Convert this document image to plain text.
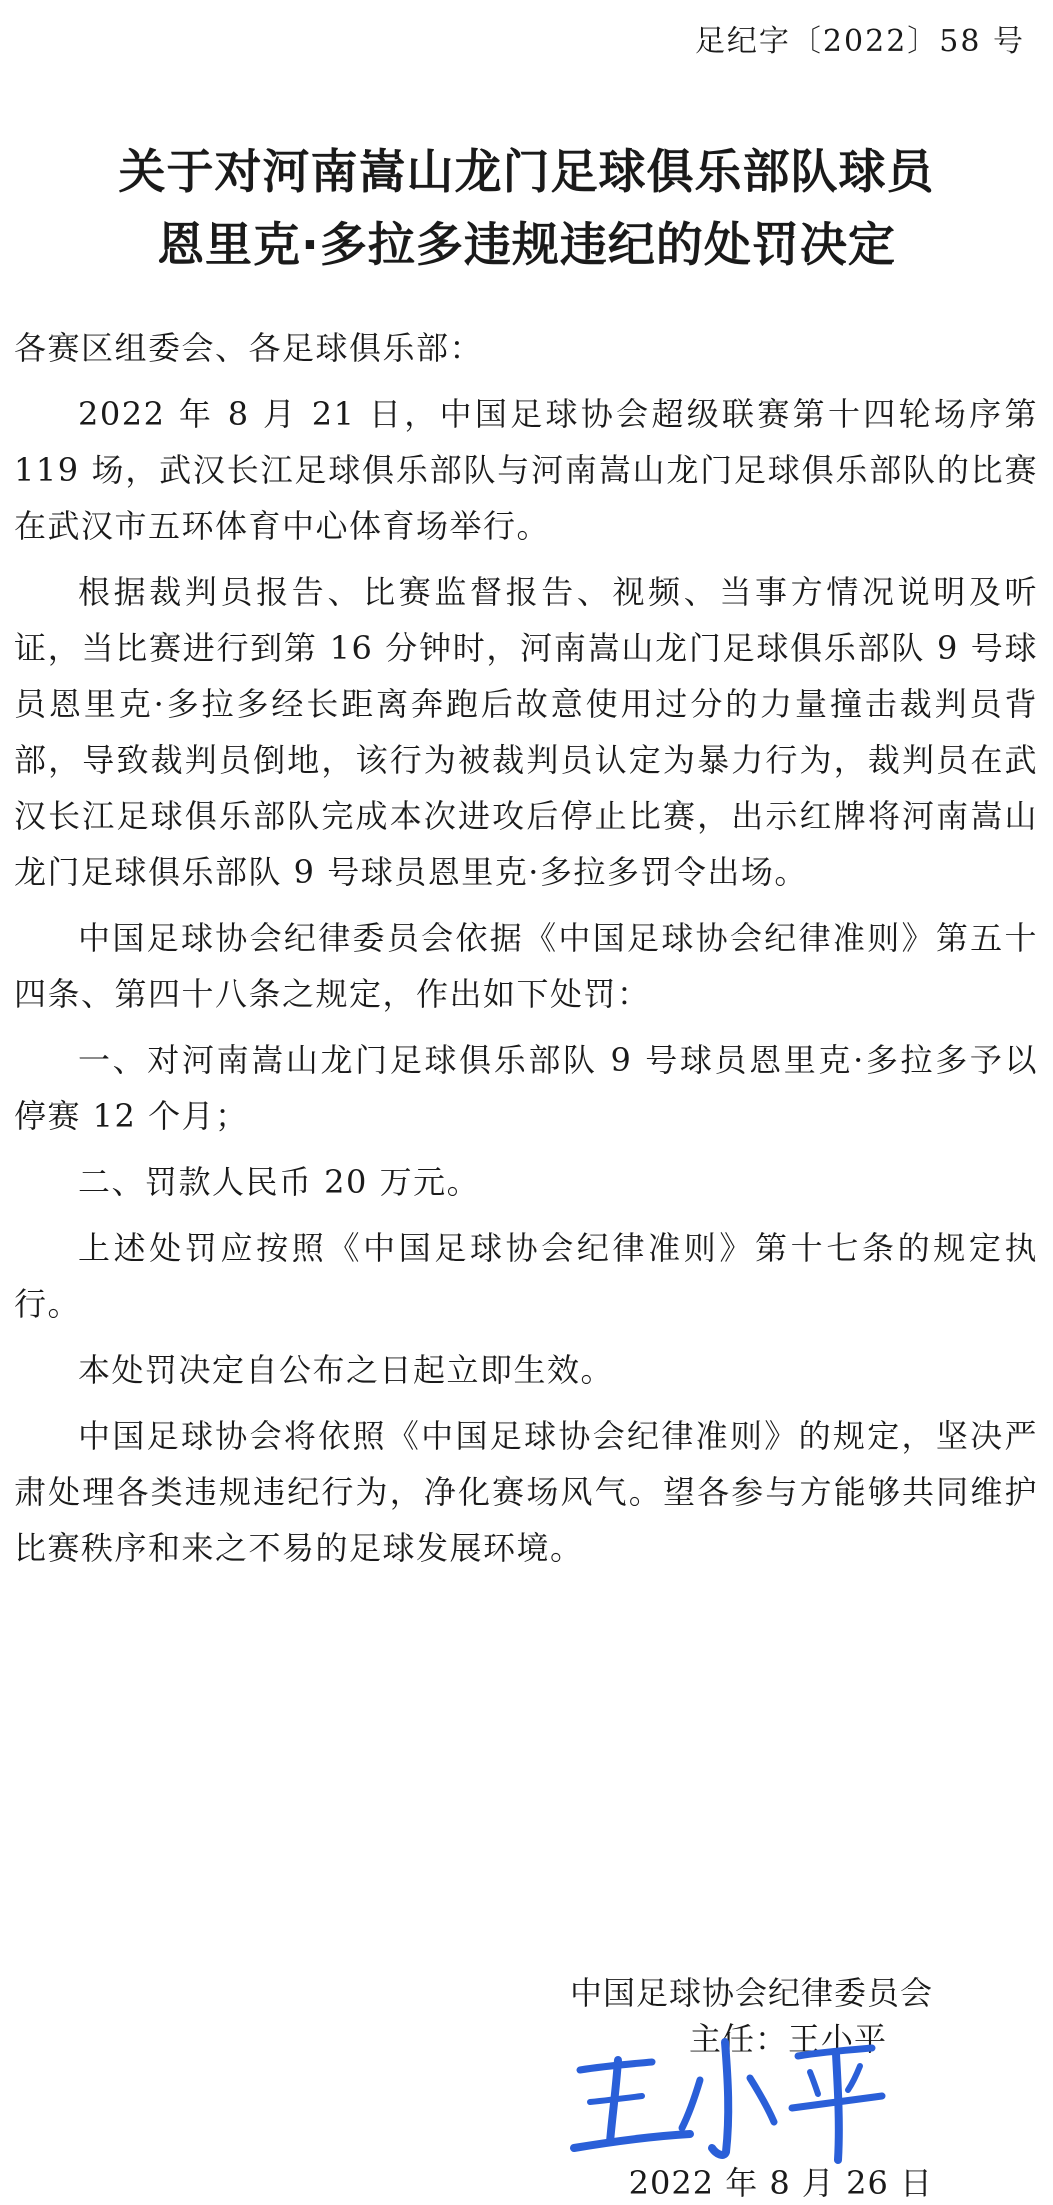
足纪字〔2022〕58 号
关于对河南嵩山龙门足球俱乐部队球员
恩里克·多拉多违规违纪的处罚决定

各赛区组委会、各足球俱乐部：

2022 年 8 月 21 日，中国足球协会超级联赛第十四轮场序第 119 场，武汉长江足球俱乐部队与河南嵩山龙门足球俱乐部队的比赛在武汉市五环体育中心体育场举行。

根据裁判员报告、比赛监督报告、视频、当事方情况说明及听证，当比赛进行到第 16 分钟时，河南嵩山龙门足球俱乐部队 9 号球员恩里克·多拉多经长距离奔跑后故意使用过分的力量撞击裁判员背部，导致裁判员倒地，该行为被裁判员认定为暴力行为，裁判员在武汉长江足球俱乐部队完成本次进攻后停止比赛，出示红牌将河南嵩山龙门足球俱乐部队 9 号球员恩里克·多拉多罚令出场。

中国足球协会纪律委员会依据《中国足球协会纪律准则》第五十四条、第四十八条之规定，作出如下处罚：

一、对河南嵩山龙门足球俱乐部队 9 号球员恩里克·多拉多予以停赛 12 个月；

二、罚款人民币 20 万元。

上述处罚应按照《中国足球协会纪律准则》第十七条的规定执行。

本处罚决定自公布之日起立即生效。

中国足球协会将依照《中国足球协会纪律准则》的规定，坚决严肃处理各类违规违纪行为，净化赛场风气。望各参与方能够共同维护比赛秩序和来之不易的足球发展环境。

中国足球协会纪律委员会
主任：王小平
2022 年 8 月 26 日
